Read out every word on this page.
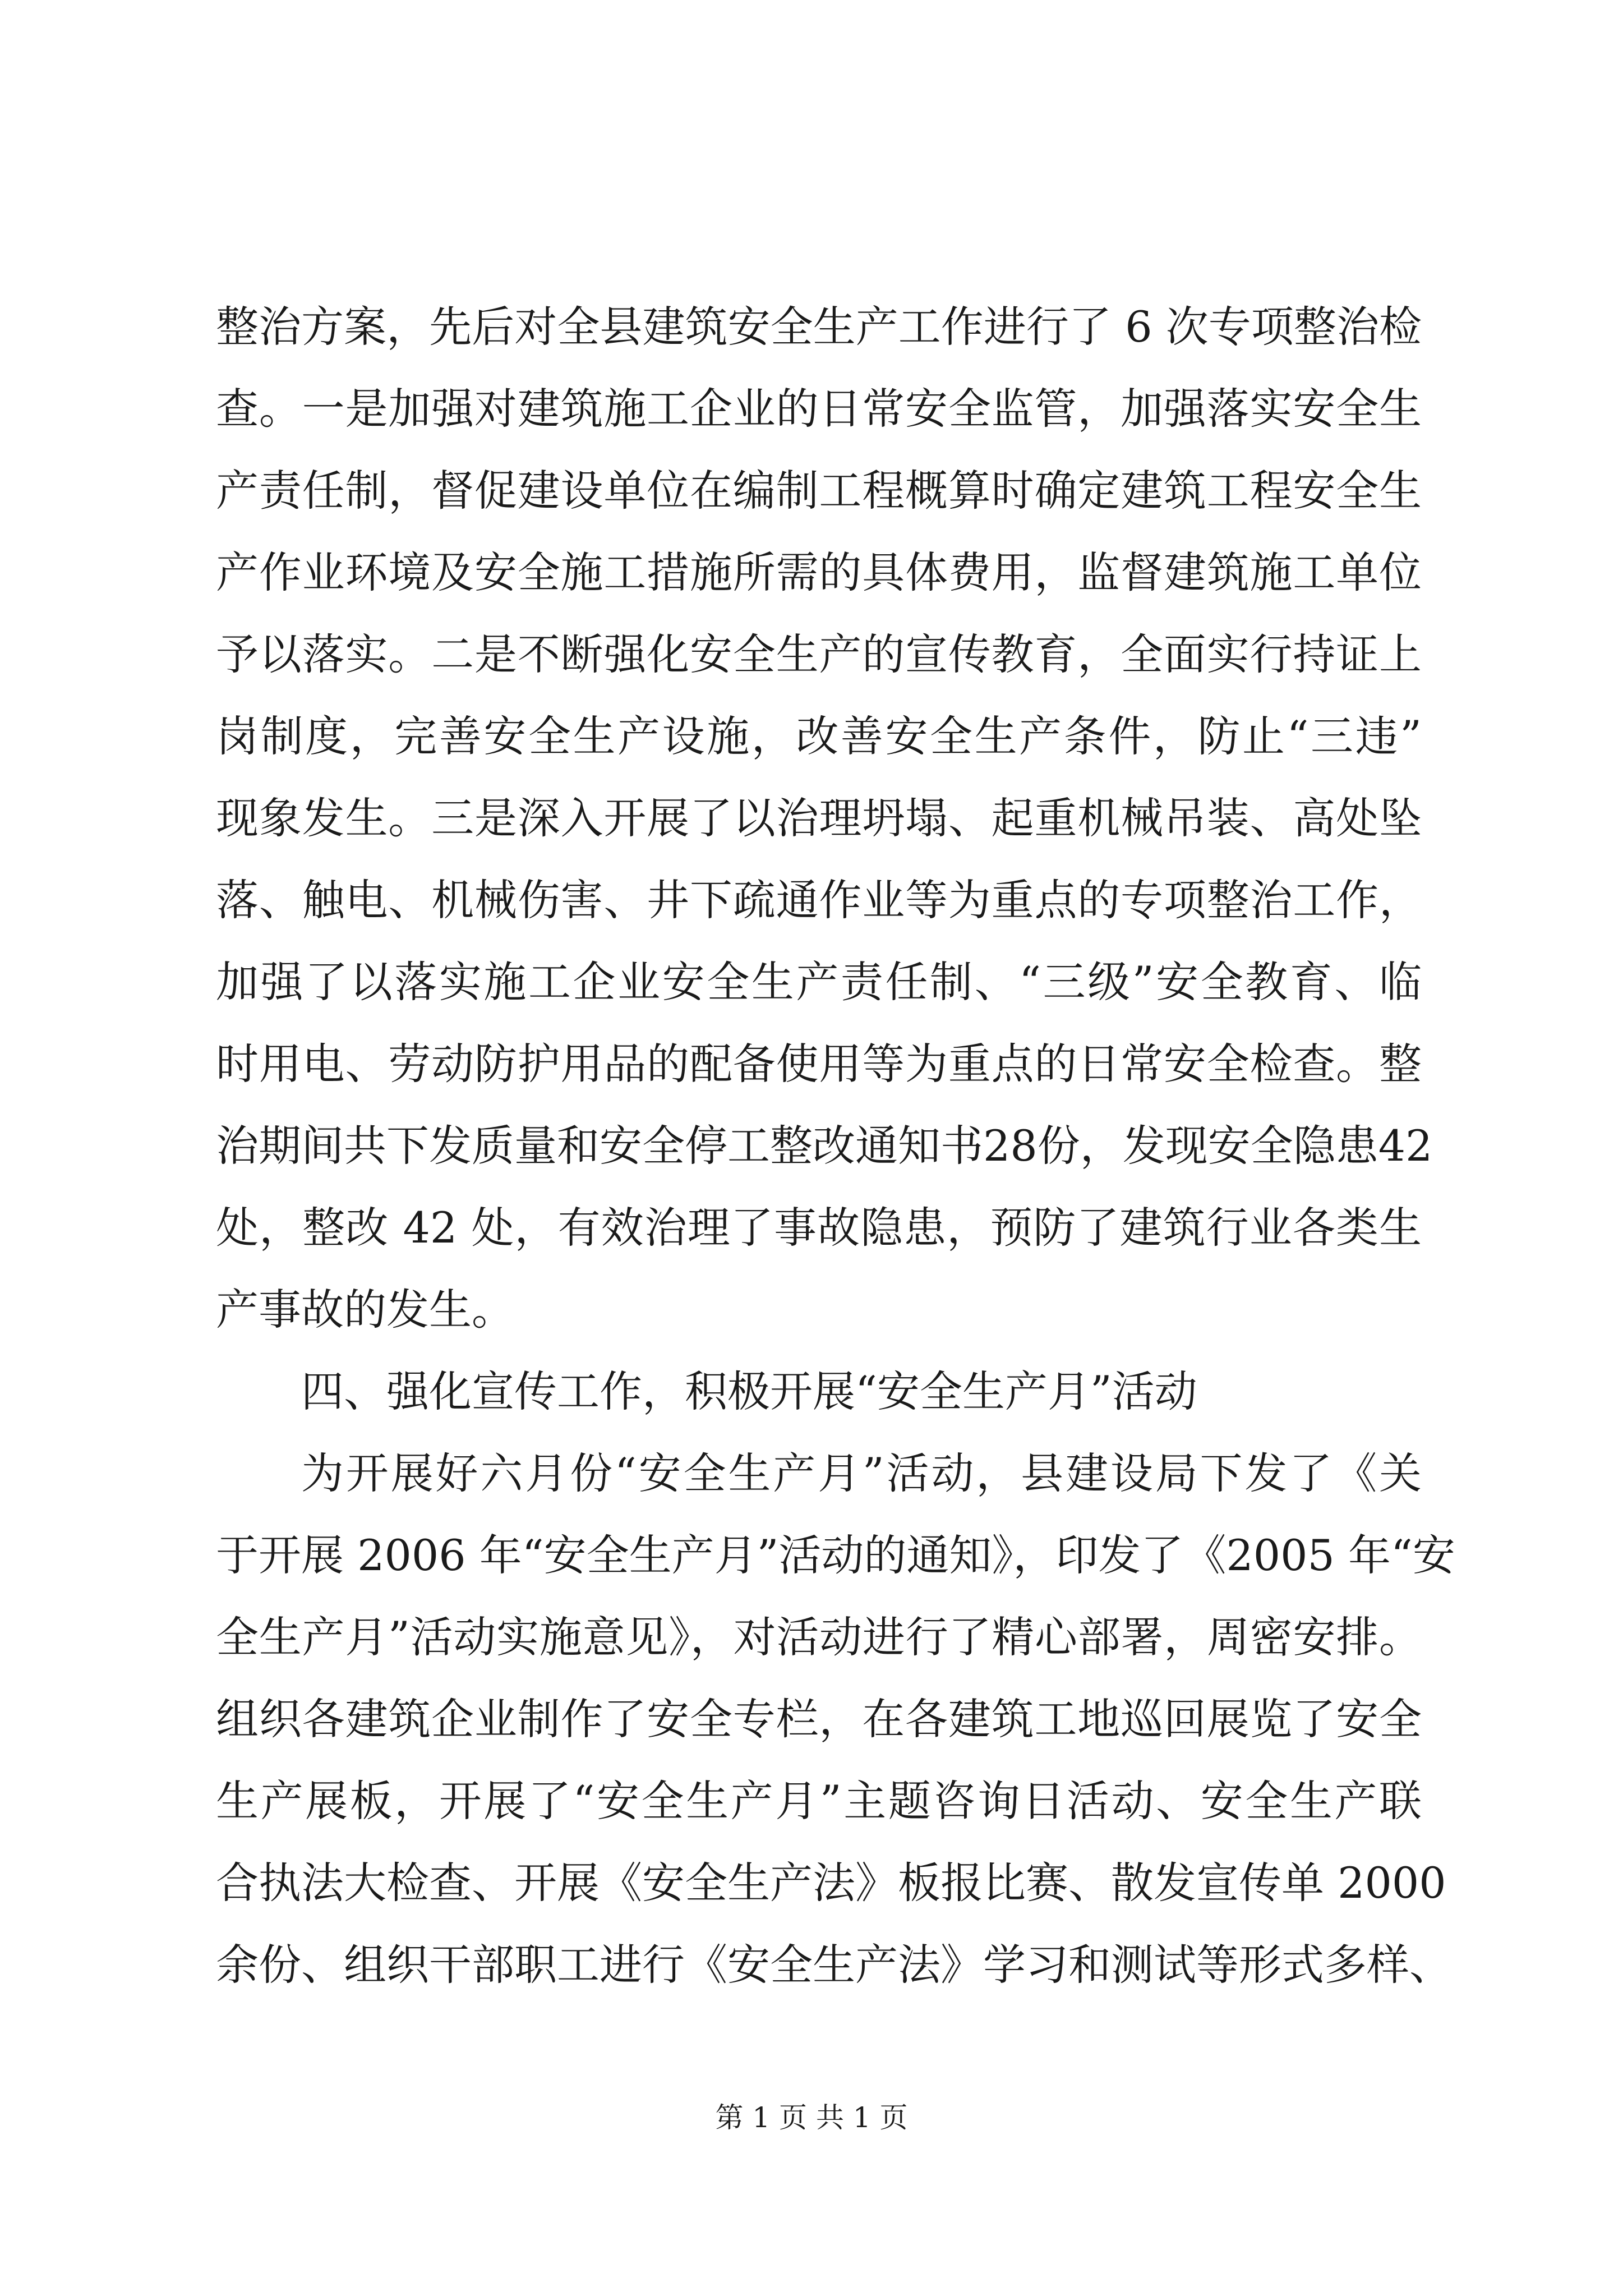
整治方案，先后对全县建筑安全生产工作进行了 6 次专项整治检
查。一是加强对建筑施工企业的日常安全监管，加强落实安全生
产责任制，督促建设单位在编制工程概算时确定建筑工程安全生
产作业环境及安全施工措施所需的具体费用，监督建筑施工单位
予以落实。二是不断强化安全生产的宣传教育，全面实行持证上
岗制度，完善安全生产设施，改善安全生产条件，防止“三违”
现象发生。三是深入开展了以治理坍塌、起重机械吊装、高处坠
落、触电、机械伤害、井下疏通作业等为重点的专项整治工作，
加强了以落实施工企业安全生产责任制、“三级”安全教育、临
时用电、劳动防护用品的配备使用等为重点的日常安全检查。整
治期间共下发质量和安全停工整改通知书28份，发现安全隐患42
处，整改 42 处，有效治理了事故隐患，预防了建筑行业各类生
产事故的发生。
四、强化宣传工作，积极开展“安全生产月”活动
为开展好六月份“安全生产月”活动，县建设局下发了《关
于开展 2006 年“安全生产月”活动的通知》，印发了《2005 年“安
全生产月”活动实施意见》，对活动进行了精心部署，周密安排。
组织各建筑企业制作了安全专栏，在各建筑工地巡回展览了安全
生产展板，开展了“安全生产月”主题咨询日活动、安全生产联
合执法大检查、开展《安全生产法》板报比赛、散发宣传单 2000
余份、组织干部职工进行《安全生产法》学习和测试等形式多样、
第 1 页 共 1 页
